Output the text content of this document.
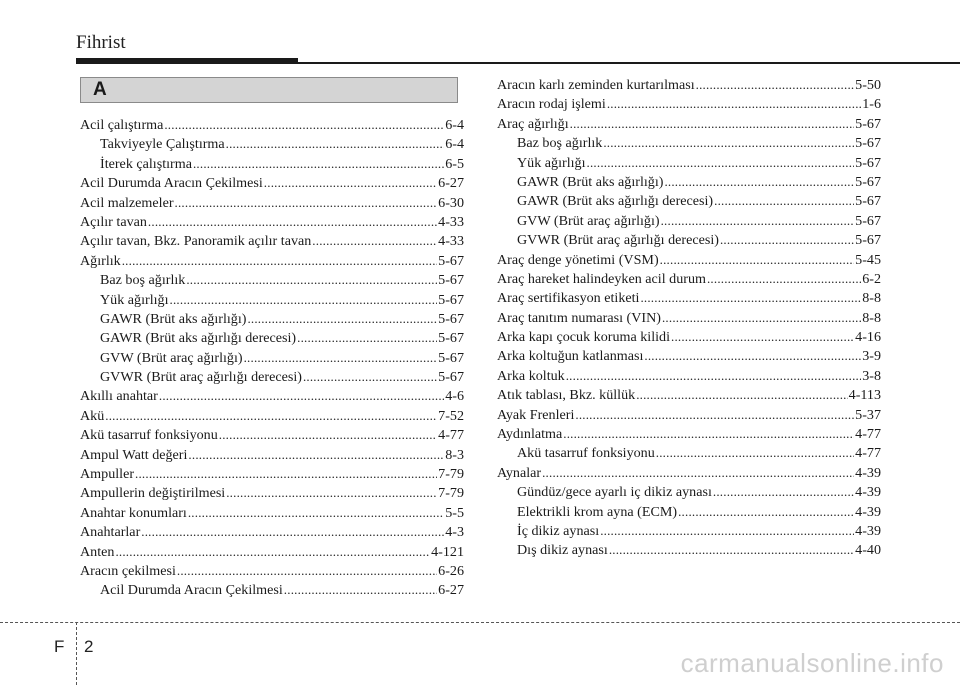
Fihrist
A
Acil çalıştırma .....	6-4
Takviyeyle Çalıştırma .....	6-4
İterek çalıştırma .....	6-5
Acil Durumda Aracın Çekilmesi .....	6-27
Acil malzemeler .....	6-30
Açılır tavan .....	4-33
Açılır tavan, Bkz. Panoramik açılır tavan .....	4-33
Ağırlık .....	5-67
Baz boş ağırlık .....	5-67
Yük ağırlığı .....	5-67
GAWR (Brüt aks ağırlığı) .....	5-67
GAWR (Brüt aks ağırlığı derecesi) .....	5-67
GVW (Brüt araç ağırlığı) .....	5-67
GVWR (Brüt araç ağırlığı derecesi) .....	5-67
Akıllı anahtar .....	4-6
Akü .....	7-52
Akü tasarruf fonksiyonu .....	4-77
Ampul Watt değeri .....	8-3
Ampuller .....	7-79
Ampullerin değiştirilmesi .....	7-79
Anahtar konumları .....	5-5
Anahtarlar .....	4-3
Anten .....	4-121
Aracın çekilmesi .....	6-26
Acil Durumda Aracın Çekilmesi .....	6-27
Aracın karlı zeminden kurtarılması .....	5-50
Aracın rodaj işlemi .....	1-6
Araç ağırlığı .....	5-67
Baz boş ağırlık .....	5-67
Yük ağırlığı .....	5-67
GAWR (Brüt aks ağırlığı) .....	5-67
GAWR (Brüt aks ağırlığı derecesi) .....	5-67
GVW (Brüt araç ağırlığı) .....	5-67
GVWR (Brüt araç ağırlığı derecesi) .....	5-67
Araç denge yönetimi (VSM) .....	5-45
Araç hareket halindeyken acil durum .....	6-2
Araç sertifikasyon etiketi .....	8-8
Araç tanıtım numarası (VIN) .....	8-8
Arka kapı çocuk koruma kilidi .....	4-16
Arka koltuğun katlanması .....	3-9
Arka koltuk .....	3-8
Atık tablası, Bkz. küllük .....	4-113
Ayak Frenleri .....	5-37
Aydınlatma .....	4-77
Akü tasarruf fonksiyonu .....	4-77
Aynalar .....	4-39
Gündüz/gece ayarlı iç dikiz aynası .....	4-39
Elektrikli krom ayna (ECM) .....	4-39
İç dikiz aynası .....	4-39
Dış dikiz aynası .....	4-40
F 2
carmanualsonline.info
